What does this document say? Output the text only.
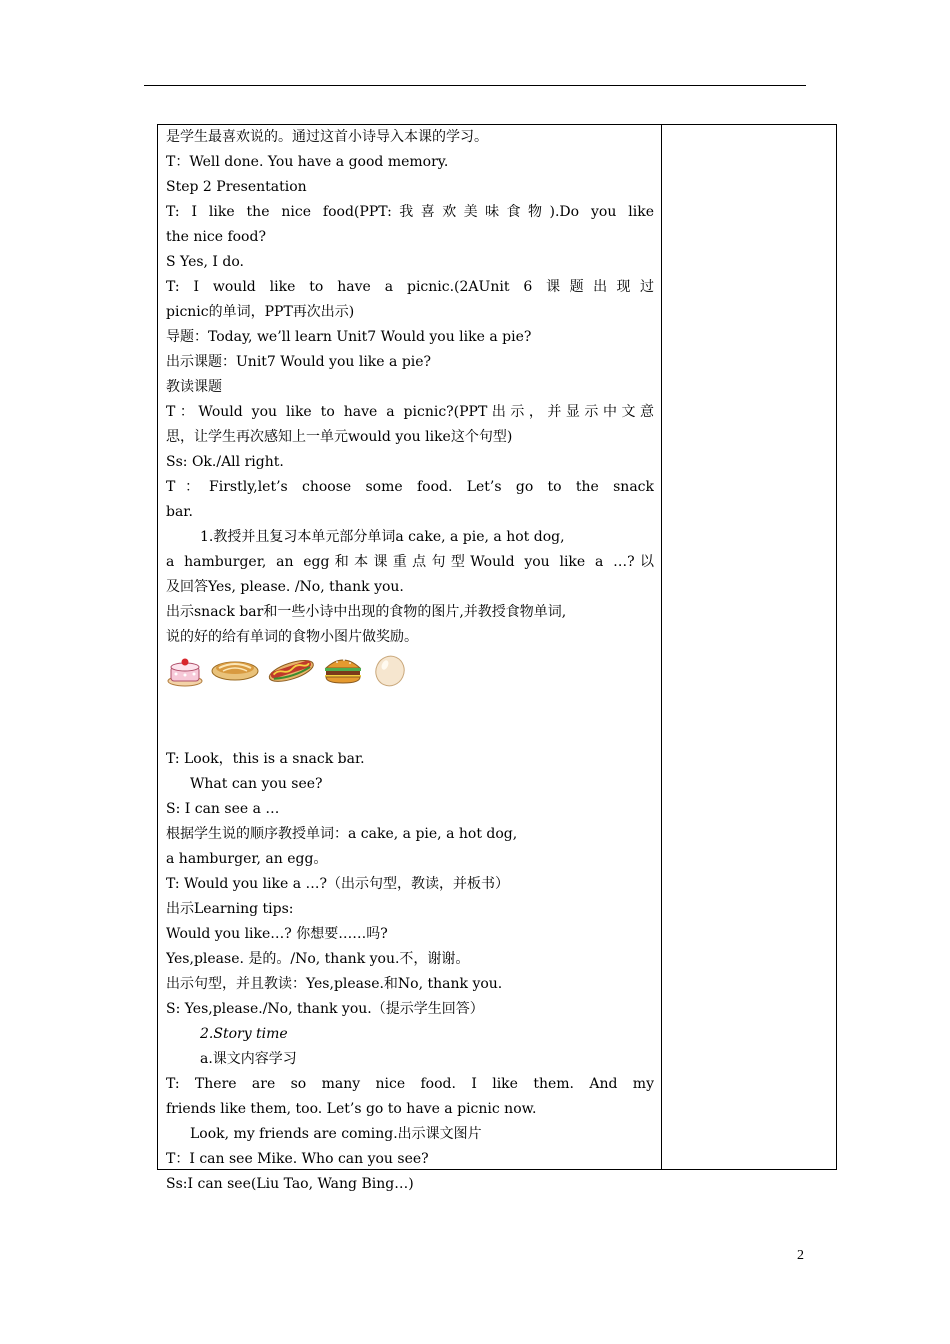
是学生最喜欢说的。通过这首小诗导入本课的学习。
T：Well done. You have a good memory.
Step 2 Presentation
T: I like the nice food(PPT:我喜欢美味食物).Do you like
the nice food?
S Yes, I do.
T: I would like to have a picnic.(2AUnit 6 课题出现过
picnic的单词，PPT再次出示)
导题：Today, we’ll learn Unit7 Would you like a pie?
出示课题：Unit7 Would you like a pie?
教读课题
T：Would you like to have a picnic?(PPT出示，并显示中文意
思，让学生再次感知上一单元would you like这个句型)
Ss: Ok./All right.
T：Firstly,let’s choose some food. Let’s go to the snack
bar.
1.教授并且复习本单元部分单词a cake, a pie, a hot dog,
a hamburger, an egg和本课重点句型Would you like a …?以
及回答Yes, please. /No, thank you.
出示snack bar和一些小诗中出现的食物的图片,并教授食物单词,
说的好的给有单词的食物小图片做奖励。
T: Look，this is a snack bar.
What can you see?
S: I can see a …
根据学生说的顺序教授单词：a cake, a pie, a hot dog,
a hamburger, an egg。
T: Would you like a …?（出示句型，教读，并板书）
出示Learning tips:
Would you like…? 你想要……吗?
Yes,please. 是的。/No, thank you.不，谢谢。
出示句型，并且教读：Yes,please.和No, thank you.
S: Yes,please./No, thank you.（提示学生回答）
2.Story time
a.课文内容学习
T: There are so many nice food. I like them. And my
friends like them, too. Let’s go to have a picnic now.
Look, my friends are coming.出示课文图片
T：I can see Mike. Who can you see?
Ss:I can see(Liu Tao, Wang Bing…)
2
